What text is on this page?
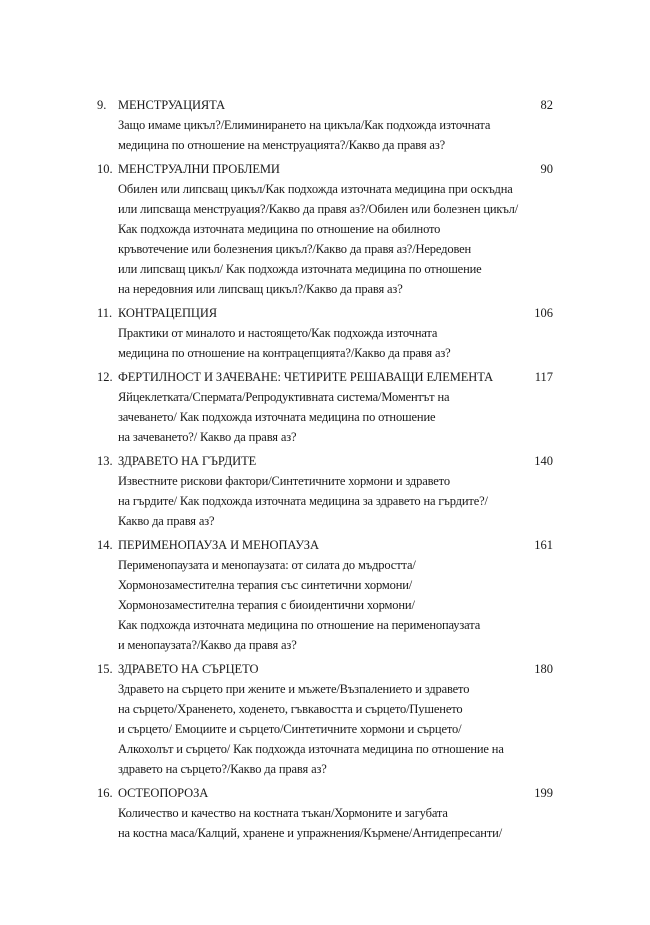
9. МЕНСТРУАЦИЯТА	82
Защо имаме цикъл?/Елиминирането на цикъла/Как подхожда източната
медицина по отношение на менструацията?/Какво да правя аз?
10. МЕНСТРУАЛНИ ПРОБЛЕМИ	90
Обилен или липсващ цикъл/Как подхожда източната медицина при оскъдна
или липсваща менструация?/Какво да правя аз?/Обилен или болезнен цикъл/
Как подхожда източната медицина по отношение на обилното
кръвотечение или болезнения цикъл?/Какво да правя аз?/Нередовен
или липсващ цикъл/ Как подхожда източната медицина по отношение
на нередовния или липсващ цикъл?/Какво да правя аз?
11. КОНТРАЦЕПЦИЯ	106
Практики от миналото и настоящето/Как подхожда източната
медицина по отношение на контрацепцията?/Какво да правя аз?
12. ФЕРТИЛНОСТ И ЗАЧЕВАНЕ: ЧЕТИРИТЕ РЕШАВАЩИ ЕЛЕМЕНТА	117
Яйцеклетката/Спермата/Репродуктивната система/Моментът на
зачеването/ Как подхожда източната медицина по отношение
на зачеването?/ Какво да правя аз?
13. ЗДРАВЕТО НА ГЪРДИТЕ	140
Известните рискови фактори/Синтетичните хормони и здравето
на гърдите/ Как подхожда източната медицина за здравето на гърдите?/
Какво да правя аз?
14. ПЕРИМЕНОПАУЗА И МЕНОПАУЗА	161
Перименопаузата и менопаузата: от силата до мъдростта/
Хормонозаместителна терапия със синтетични хормони/
Хормонозаместителна терапия с биоидентични хормони/
Как подхожда източната медицина по отношение на перименопаузата
и менопаузата?/Какво да правя аз?
15. ЗДРАВЕТО НА СЪРЦЕТО	180
Здравето на сърцето при жените и мъжете/Възпалението и здравето
на сърцето/Храненето, ходенето, гъвкавостта и сърцето/Пушенето
и сърцето/ Емоциите и сърцето/Синтетичните хормони и сърцето/
Алкохолът и сърцето/ Как подхожда източната медицина по отношение на
здравето на сърцето?/Какво да правя аз?
16. ОСТЕОПОРОЗА	199
Количество и качество на костната тъкан/Хормоните и загубата
на костна маса/Калций, хранене и упражнения/Кърмене/Антидепресанти/
